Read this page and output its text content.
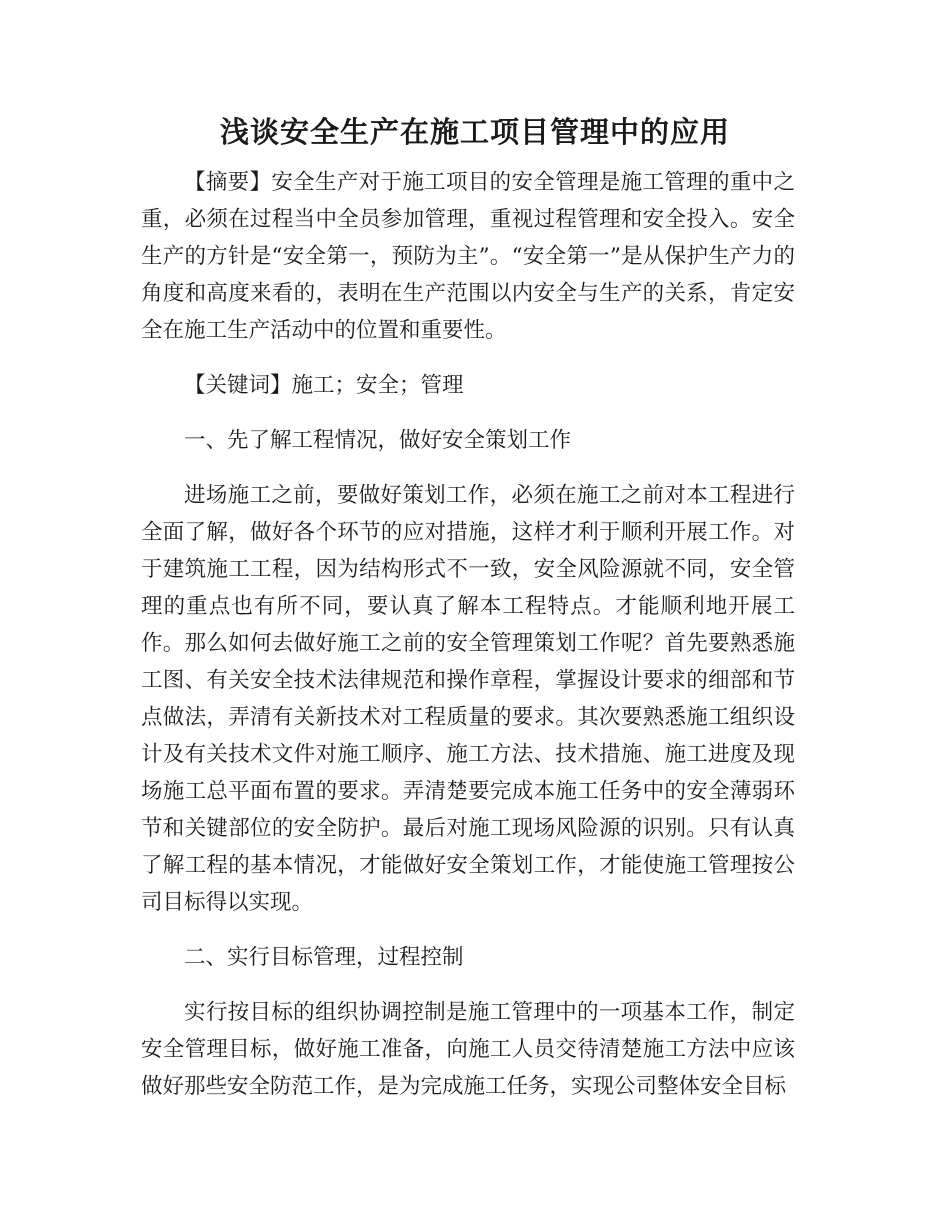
浅谈安全生产在施工项目管理中的应用

【摘要】安全生产对于施工项目的安全管理是施工管理的重中之重，必须在过程当中全员参加管理，重视过程管理和安全投入。安全生产的方针是“安全第一，预防为主”。“安全第一”是从保护生产力的角度和高度来看的，表明在生产范围以内安全与生产的关系，肯定安全在施工生产活动中的位置和重要性。

【关键词】施工；安全；管理

一、先了解工程情况，做好安全策划工作

进场施工之前，要做好策划工作，必须在施工之前对本工程进行全面了解，做好各个环节的应对措施，这样才利于顺利开展工作。对于建筑施工工程，因为结构形式不一致，安全风险源就不同，安全管理的重点也有所不同，要认真了解本工程特点。才能顺利地开展工作。那么如何去做好施工之前的安全管理策划工作呢？首先要熟悉施工图、有关安全技术法律规范和操作章程，掌握设计要求的细部和节点做法，弄清有关新技术对工程质量的要求。其次要熟悉施工组织设计及有关技术文件对施工顺序、施工方法、技术措施、施工进度及现场施工总平面布置的要求。弄清楚要完成本施工任务中的安全薄弱环节和关键部位的安全防护。最后对施工现场风险源的识别。只有认真了解工程的基本情况，才能做好安全策划工作，才能使施工管理按公司目标得以实现。

二、实行目标管理，过程控制

实行按目标的组织协调控制是施工管理中的一项基本工作，制定安全管理目标，做好施工准备，向施工人员交待清楚施工方法中应该做好那些安全防范工作，是为完成施工任务，实现公司整体安全目标
